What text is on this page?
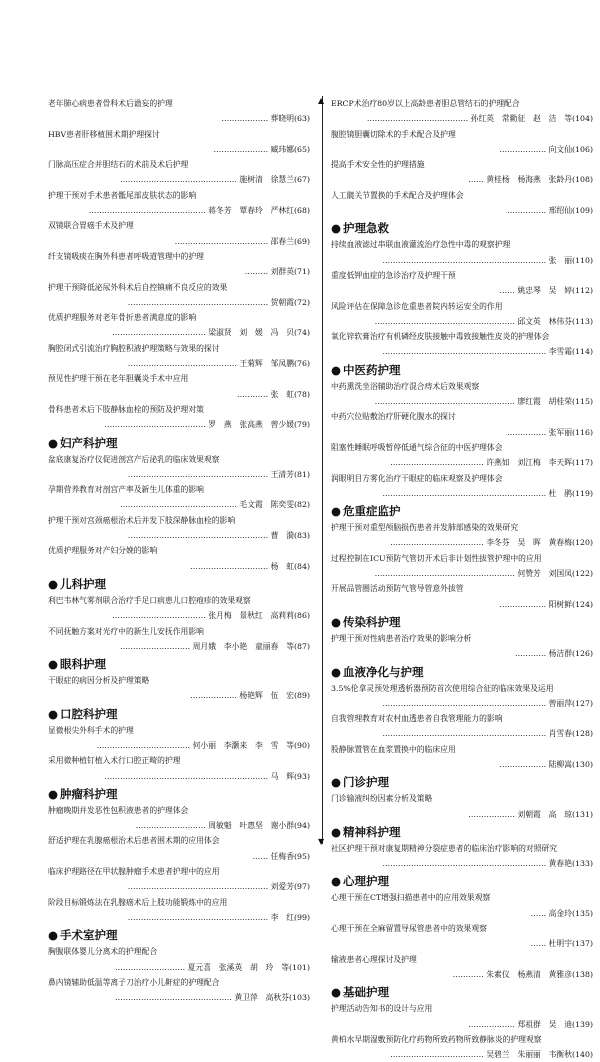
▲
▼
老年肺心病患者骨科术后谵妄的护理
……………… 葬晓明(63)
HBV患者肝移植围术期护理探讨
………………… 臧玮娜(65)
门脉高压症合并胆结石的术前及术后护理
……………………………………… 施树清　徐慧兰(67)
护理干预对手术患者骶尾部皮肤状态的影响
……………………………………… 蒋冬芳　覃春玲　严林红(68)
双镜联合胃癌手术及护理
……………………………… 邵春兰(69)
纤支镜吸痰在胸外科患者呼吸道管理中的护理
……… 刘群英(71)
护理干预降低泌尿外科术后自控镇痛不良反应的效果
……………………………………………… 贺朝霞(72)
优质护理服务对老年骨折患者满意度的影响
……………………………… 梁淑贤　刘　媛　冯　贝(74)
胸腔闭式引流治疗胸腔积液护理策略与效果的探讨
…………………………………… 王菊辉　邹凤鹏(76)
预见性护理干预在老年胆囊炎手术中应用
………… 张　虹(78)
骨科患者术后下肢静脉血栓的预防及护理对策
………………………………… 罗　燕　张高燕　曾少媛(79)
● 妇产科护理
盆底康复治疗仪促进剖宫产后泌乳的临床效果观察
……………………………………………… 王清芳(81)
孕期营养教育对剖宫产率及新生儿体重的影响
……………………………………… 毛文霞　陈奕雯(82)
护理干预对宫颈癌根治术后并发下肢深静脉血栓的影响
……………………………………………… 曹　漪(83)
优质护理服务对产妇分娩的影响
………………………… 杨　虹(84)
● 儿科护理
利巴韦林气雾剂联合治疗手足口病患儿口腔疱疹的效果观察
……………………………… 张月梅　景秋红　高莉莉(86)
不同抚触方案对光疗中的新生儿安抚作用影响
……………………… 周月娥　李小艳　童丽春　等(87)
● 眼科护理
干眼症的病因分析及护理策略
……………… 杨艳辉　伍　宏(89)
● 口腔科护理
显微根尖外科手术的护理
……………………………… 何小丽　李灏来　李　雪　等(90)
采用微种植钉植入术行口腔正畸的护理
……………………………………………………… 马　辉(93)
● 肿瘤科护理
肿瘤晚期并发恶性包积液患者的护理体会
……………………… 周敏魁　叶惠坚　谢小群(94)
舒适护理在乳腺癌根治术后患者围术期的应用体会
…… 任梅香(95)
临床护理路径在甲状腺肿瘤手术患者护理中的应用
……………………………………………… 刘爱芳(97)
阶段目标锻炼法在乳腺癌术后上肢功能锻炼中的应用
……………………………………………… 李　红(99)
● 手术室护理
胸腹联体婴儿分离术的护理配合
……………………… 夏元喜　张溪英　胡　玲　等(101)
鼻内镜辅助低温等离子刀治疗小儿鼾症的护理配合
……………………………………… 黄卫萍　高秋芬(103)
ERCP术治疗80岁以上高龄患者胆总管结石的护理配合
………………………………… 孙红英　常勤征　赵　洁　等(104)
腹腔镜胆囊切除术的手术配合及护理
……………… 向文仙(106)
提高手术安全性的护理措施
…… 黄桂杨　杨海燕　张龄丹(108)
人工髋关节置换的手术配合及护理体会
…………… 邢绍仙(109)
● 护理急救
持续血液滤过串联血液灌流治疗急性中毒的观察护理
……………………………………………………… 张　丽(110)
重度低钾血症的急诊治疗及护理干预
…… 姚忠琴　吴　婷(112)
风险评估在保障急诊危重患者院内转运安全的作用
……………………………………………… 邱文英　林伟芬(113)
氧化锌软膏治疗有机磷经皮肤接触中毒致接触性皮炎的护理体会
……………………………………………………… 李雪霜(114)
● 中医药护理
中药熏洗坐浴辅助治疗混合痔术后效果观察
……………………………………………… 廖红霞　胡桂荣(115)
中药穴位贴敷治疗肝硬化腹水的探讨
…………… 张军丽(116)
阻塞性睡眠呼吸暂停低通气综合征的中医护理体会
……………………………… 许燕如　刘江梅　李天晖(117)
润眼明目方雾化治疗干眼症的临床观察及护理体会
……………………………………………………… 杜　鹃(119)
● 危重症监护
护理干预对重型颅脑损伤患者并发肺部感染的效果研究
……………………………… 李冬芬　吴　晖　黄春梅(120)
过程控制在ICU预防气管切开术后非计划性拔管护理中的应用
……………………………………………… 何赞芳　刘国凤(122)
开展品管圈活动预防气管导管意外拔管
……………… 阳树鲜(124)
● 传染科护理
护理干预对性病患者治疗效果的影响分析
………… 杨洁群(126)
● 血液净化与护理
3.5%伦拿灵预处理透析器预防首次使用综合征的临床效果及运用
……………………………………………………… 曾丽萍(127)
自我管理教育对农村血透患者自我管理能力的影响
……………………………………………………… 肖雪春(128)
股静脉置管在血浆置换中的临床应用
……………… 陆柳嵩(130)
● 门诊护理
门诊输液纠纷因素分析及策略
……………… 刘朝霞　高　琼(131)
● 精神科护理
社区护理干预对康复期精神分裂症患者的临床治疗影响的对照研究
……………………………………………………… 黄春艳(133)
● 心理护理
心理干预在CT增强扫描患者中的应用效果观察
…… 高金玲(135)
心理干预在全麻留置导尿管患者中的效果观察
…… 杜明宇(137)
输液患者心理探讨及护理
………… 朱素仪　杨燕清　黄雅彦(138)
● 基础护理
护理活动告知书的设计与应用
……………… 郑祖群　吴　迪(139)
黄柏水早期湿敷预防化疗药物所致药物所致静脉炎的护理观察
……………………………… 吴碧兰　朱丽丽　韦衡秋(140)
